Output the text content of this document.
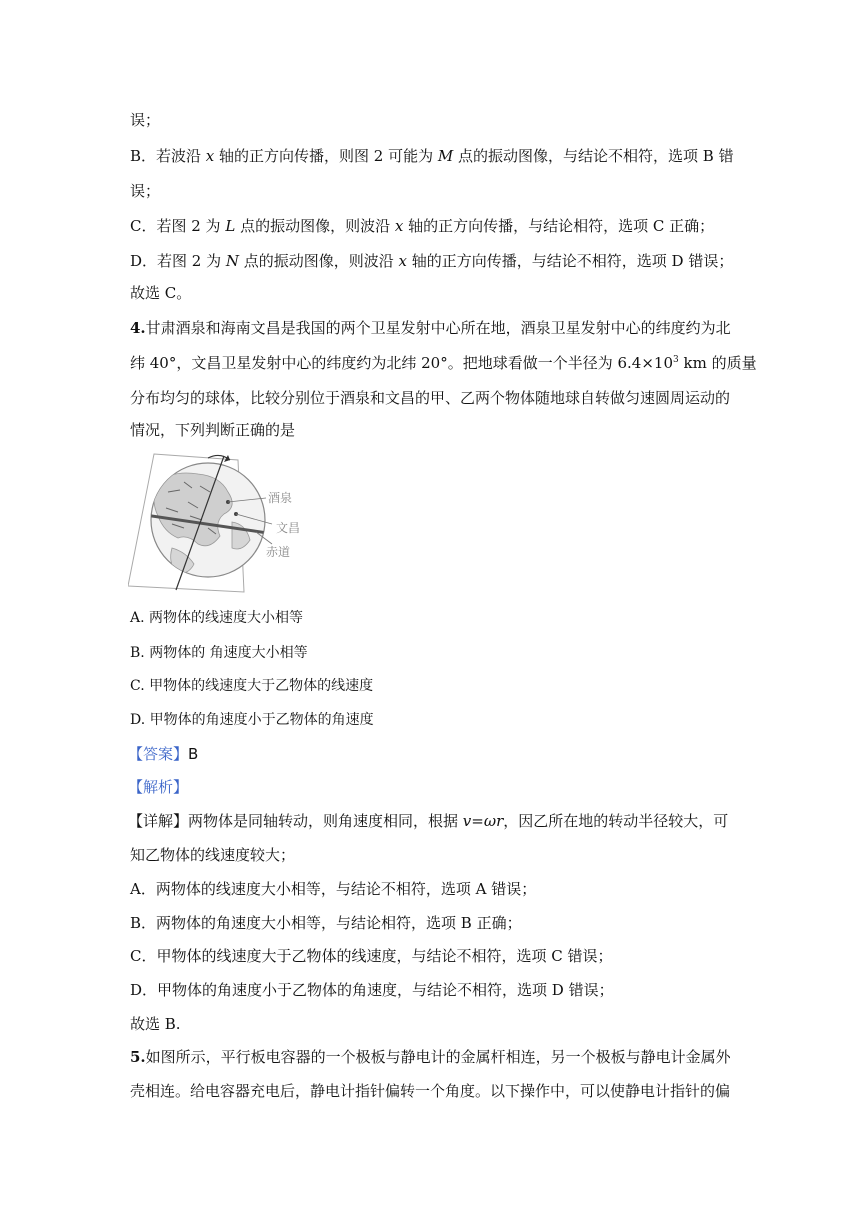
误；
B．若波沿 x 轴的正方向传播，则图 2 可能为 M 点的振动图像，与结论不相符，选项 B 错
误；
C．若图 2 为 L 点的振动图像，则波沿 x 轴的正方向传播，与结论相符，选项 C 正确；
D．若图 2 为 N 点的振动图像，则波沿 x 轴的正方向传播，与结论不相符，选项 D 错误；
故选 C。
4.甘肃酒泉和海南文昌是我国的两个卫星发射中心所在地，酒泉卫星发射中心的纬度约为北
纬 40°，文昌卫星发射中心的纬度约为北纬 20°。把地球看做一个半径为 $6.4\times 10^3$ km 的质量
分布均匀的球体，比较分别位于酒泉和文昌的甲、乙两个物体随地球自转做匀速圆周运动的
情况，下列判断正确的是
酒泉
文昌
赤道
A. 两物体的线速度大小相等
B. 两物体的 角速度大小相等
C. 甲物体的线速度大于乙物体的线速度
D. 甲物体的角速度小于乙物体的角速度
【答案】B
【解析】
【详解】两物体是同轴转动，则角速度相同，根据 v=ωr，因乙所在地的转动半径较大，可
知乙物体的线速度较大；
A．两物体的线速度大小相等，与结论不相符，选项 A 错误；
B．两物体的角速度大小相等，与结论相符，选项 B 正确；
C．甲物体的线速度大于乙物体的线速度，与结论不相符，选项 C 错误；
D．甲物体的角速度小于乙物体的角速度，与结论不相符，选项 D 错误；
故选 B.
5.如图所示，平行板电容器的一个极板与静电计的金属杆相连，另一个极板与静电计金属外
壳相连。给电容器充电后，静电计指针偏转一个角度。以下操作中，可以使静电计指针的偏
